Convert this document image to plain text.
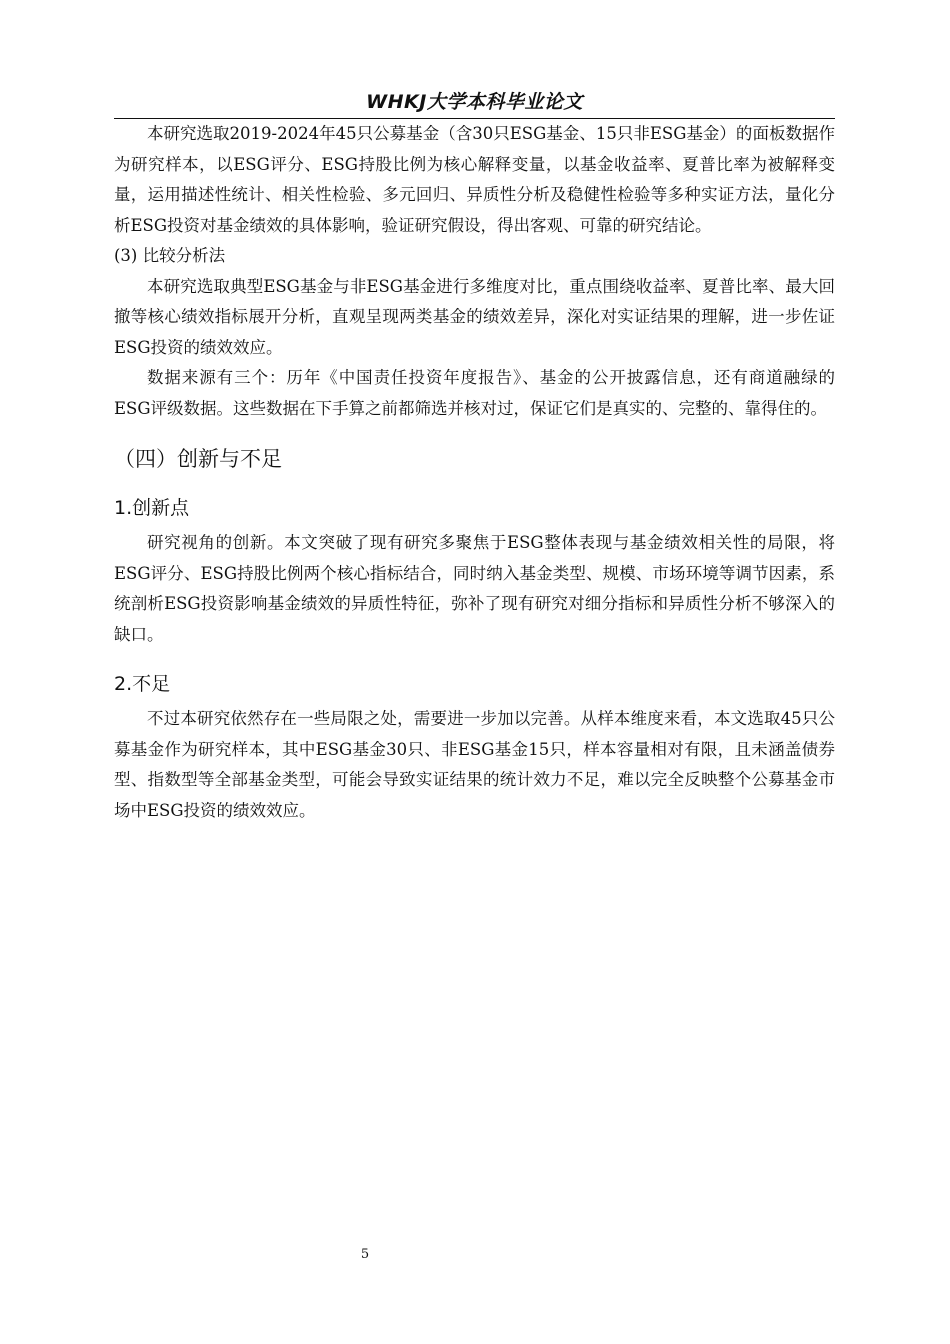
WHKJ大学本科毕业论文

本研究选取2019-2024年45只公募基金（含30只ESG基金、15只非ESG基金）的面板数据作为研究样本，以ESG评分、ESG持股比例为核心解释变量，以基金收益率、夏普比率为被解释变量，运用描述性统计、相关性检验、多元回归、异质性分析及稳健性检验等多种实证方法，量化分析ESG投资对基金绩效的具体影响，验证研究假设，得出客观、可靠的研究结论。

(3) 比较分析法

本研究选取典型ESG基金与非ESG基金进行多维度对比，重点围绕收益率、夏普比率、最大回撤等核心绩效指标展开分析，直观呈现两类基金的绩效差异，深化对实证结果的理解，进一步佐证ESG投资的绩效效应。

数据来源有三个：历年《中国责任投资年度报告》、基金的公开披露信息，还有商道融绿的ESG评级数据。这些数据在下手算之前都筛选并核对过，保证它们是真实的、完整的、靠得住的。

（四）创新与不足
1.创新点

研究视角的创新。本文突破了现有研究多聚焦于ESG整体表现与基金绩效相关性的局限，将ESG评分、ESG持股比例两个核心指标结合，同时纳入基金类型、规模、市场环境等调节因素，系统剖析ESG投资影响基金绩效的异质性特征，弥补了现有研究对细分指标和异质性分析不够深入的缺口。

2.不足

不过本研究依然存在一些局限之处，需要进一步加以完善。从样本维度来看，本文选取45只公募基金作为研究样本，其中ESG基金30只、非ESG基金15只，样本容量相对有限，且未涵盖债券型、指数型等全部基金类型，可能会导致实证结果的统计效力不足，难以完全反映整个公募基金市场中ESG投资的绩效效应。

5
